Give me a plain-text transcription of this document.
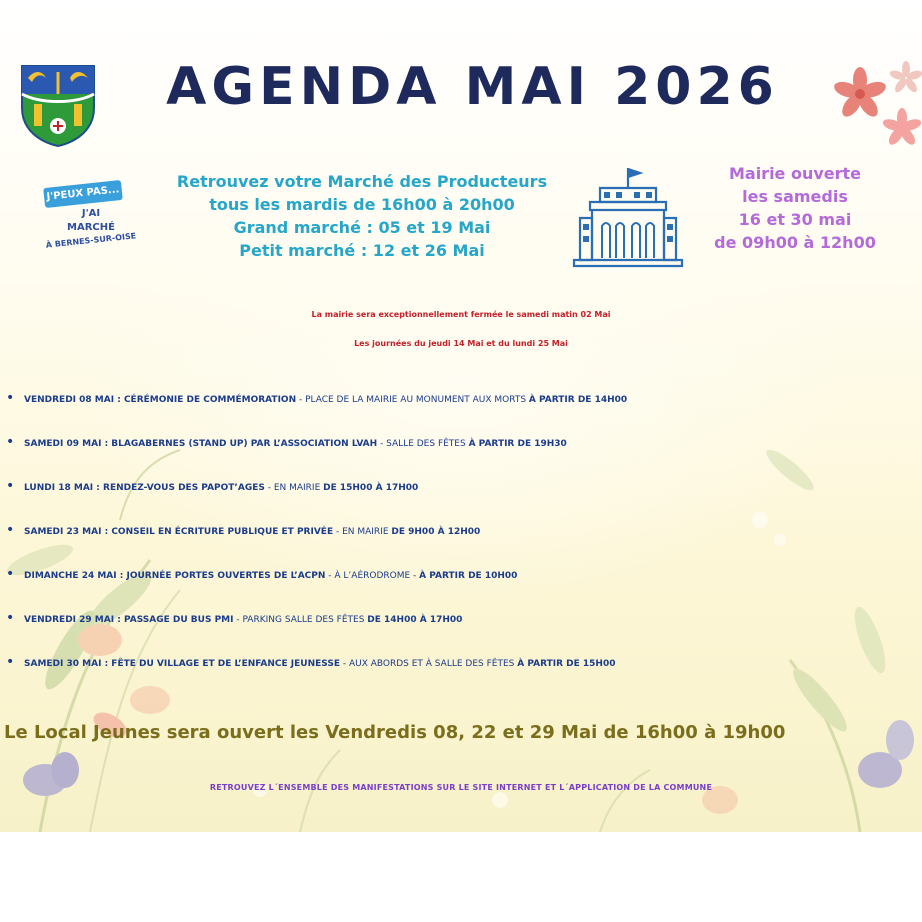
AGENDA MAI 2026
J'PEUX PAS...
J'AI
MARCHÉ
À BERNES-SUR-OISE
Retrouvez votre Marché des Producteurs
tous les mardis de 16h00 à 20h00
Grand marché : 05 et 19 Mai
Petit marché : 12 et 26 Mai
Mairie ouverte
les samedis
16 et 30 mai
de 09h00 à 12h00
La mairie sera exceptionnellement fermée le samedi matin 02 Mai
Les journées du jeudi 14 Mai et du lundi 25 Mai
• VENDREDI 08 MAI : CÉRÉMONIE DE COMMÉMORATION - PLACE DE LA MAIRIE AU MONUMENT AUX MORTS À PARTIR DE 14H00
• SAMEDI 09 MAI : BLAGABERNES (STAND UP) PAR L’ASSOCIATION LVAH - SALLE DES FÊTES À PARTIR DE 19H30
• LUNDI 18 MAI : RENDEZ-VOUS DES PAPOT’AGES - EN MAIRIE DE 15H00 À 17H00
• SAMEDI 23 MAI : CONSEIL EN ÉCRITURE PUBLIQUE ET PRIVÉE - EN MAIRIE DE 9H00 À 12H00
• DIMANCHE 24 MAI : JOURNÉE PORTES OUVERTES DE L’ACPN - À L’AÉRODROME - À PARTIR DE 10H00
• VENDREDI 29 MAI : PASSAGE DU BUS PMI - PARKING SALLE DES FÊTES DE 14H00 À 17H00
• SAMEDI 30 MAI : FÊTE DU VILLAGE ET DE L’ENFANCE JEUNESSE - AUX ABORDS ET À SALLE DES FÊTES À PARTIR DE 15H00
Le Local Jeunes sera ouvert les Vendredis 08, 22 et 29 Mai de 16h00 à 19h00
RETROUVEZ L´ENSEMBLE DES MANIFESTATIONS SUR LE SITE INTERNET ET L´APPLICATION DE LA COMMUNE
